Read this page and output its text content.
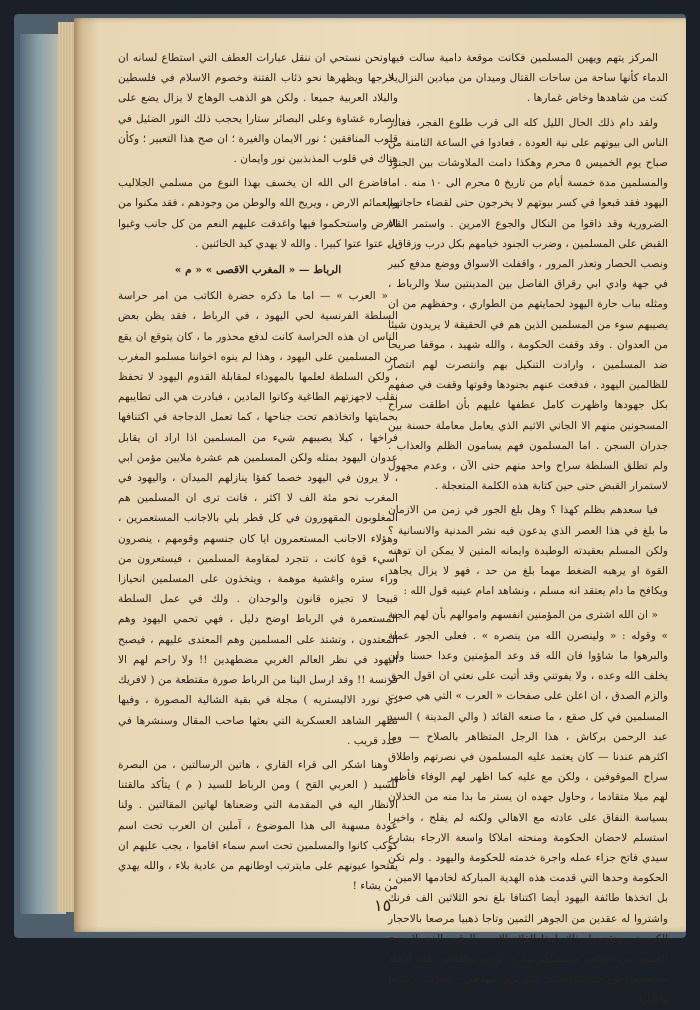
المركز يتهم ويهين المسلمين فكانت موقعة دامية سالت فيها الدماء كأنها ساحة من ساحات القتال وميدان من ميادين النزال لا كنت من شاهدها وخاض غمارها .

ولقد دام ذلك الحال الليل كله الى قرب طلوع الفجر، فغادر الناس الى بيوتهم على نية العودة ، فعادوا في الساعة الثامنة من صباح يوم الخميس ٥ محرم وهكذا دامت الملاوشات بين الجنود والمسلمين مدة خمسة أيام من تاريخ ٥ محرم الى ١٠ منه . اما اليهود فقد قبعوا في كسر بيوتهم لا يخرجون حتى لقضاء حاجاتهم الضرورية وقد ذاقوا من النكال والجوع الامرين . واستمر القاء القبض على المسلمين ، وضرب الجنود خيامهم بكل درب وزقاق ، ونصب الحصار وتعذر المرور ، واقفلت الاسواق ووضع مدفع كبير في جهة وادي ابي رقراق الفاصل بين المدينتين سلا والرباط ، ومثله بباب حارة اليهود لحمايتهم من الطواري ، وحفظهم من ان يصيبهم سوء من المسلمين الذين هم في الحقيقة لا يريدون شيئا من العدوان . وقد وقفت الحكومة ، والله شهيد ، موقفا صريحا ضد المسلمين ، وارادت التنكيل بهم وانتصرت لهم انتصار للظالمين اليهود ، فدفعت عنهم بجنودها وقوتها وقفت في صفهم بكل جهودها واظهرت كامل عطفها عليهم بأن اطلقت سراح المسجونين منهم الا الجاني الاثيم الذي يعامل معاملة حسنة بين جدران السجن . اما المسلمون فهم يسامون الظلم والعذاب . ولم تطلق السلطة سراح واحد منهم حتى الآن ، وعدم مجهول لاستمرار القبض حتى حين كتابة هذه الكلمة المتعجلة .

فيا سعدهم بظلم كهذا ؟ وهل بلغ الجور في زمن من الازمان ما بلغ في هذا العصر الذي يدعون فيه نشر المدنية والانسانية ؟ ولكن المسلم بعقيدته الوطيدة وايمانه المتين لا يمكن ان توهنه القوة او يرهبه الضغط مهما بلغ من حد ، فهو لا يزال يجاهد ويكافح ما دام يعتقد انه مسلم ، ونشاهد امام عينيه قول الله :

« ان الله اشترى من المؤمنين انفسهم واموالهم بأن لهم الجنة » وقوله : « ولينصرن الله من ينصره » . فعلى الجور عملة والبرهوا ما شاؤوا فان الله قد وعد المؤمنين وعدا حسنا ولن يخلف الله وعده ، ولا يفوتني وقد أتيت على نعتي ان اقول الحق والزم الصدق ، ان اعلن على صفحات « العرب » التي هي صوت المسلمين في كل صقع ، ما صنعه القائد ( والي المدينة ) السيد عبد الرحمن بركاش ، هذا الرجل المتظاهر بالصلاح — وما اكثرهم عندنا — كان يعتمد عليه المسلمون في نصرتهم واطلاق سراح الموقوفين ، ولكن مع عليه كما اظهر لهم الوفاء فأظهر لهم ميلا متقادما ، وحاول جهده ان يستر ما بدا منه من الخذلان بسياسة النفاق على عادته مع الاهالي ولكنه لم يفلح ، واخيرا استسلم لاحضان الحكومة ومنحته املاكا واسعة الارجاء بشارع سيدي فاتح جزاء عمله واجرة خدمته للحكومة واليهود . ولم تكن الحكومة وحدها التي قدمت هذه الهدية المباركة لخادمها الامين ، بل اتخذها طائفة اليهود أيضا اكتنافا بلغ نحو الثلاثين الف فرنك واشتروا له عقدين من الجوهر الثمين وتاجا ذهبيا مرصعا بالاحجار الكريمة ، ونقدموا بذلك لهذا القائد الاديب الوقور الذي لا يبرح السبحة من اصابعه مستقبلهم بداره الرحبة والقائمة مثلة لحفلة شائقة من نوع حفلات الشاي التي ترى عنها في « العرب » طرفا واخبارا .

ونحن نستحي ان ننقل عبارات العطف التي استطاع لسانه ان يخرجها ويظهرها نحو ذئاب الفتنة وخصوم الاسلام في فلسطين والبلاد العربية جميعا . ولكن هو الذهب الوهاج لا يزال يضع على ابصاره غشاوة وعلى البصائر ستارا يحجب ذلك النور الضئيل في قلوب المنافقين ؛ نور الايمان والغيرة ؛ ان صح هذا التعبير ؛ وكأن هناك في قلوب المذبذبين نور وايمان .

فاضرع الى الله ان يخسف بهذا النوع من مسلمي الجلاليب والعمائم الارض ، ويريح الله والوطن من وجودهم ، فقد مكنوا من الارض واستحكموا فيها واغدقت عليهم النعم من كل جانب وغبوا بل عتوا عتوا كبيرا . والله لا يهدي كيد الخائنين .

الرباط — « المغرب الاقصى » « م »

« العرب » — اما ما ذكره حضرة الكاتب من امر حراسة السلطة الفرنسية لحي اليهود ، في الرباط ، فقد يظن بعض الناس ان هذه الحراسة كانت لدفع محذور ما ، كان يتوقع ان يقع من المسلمين على اليهود ، وهذا لم ينوه اخواننا مسلمو المغرب ، ولكن السلطة لعلمها بالمهوداء لمقابلة القدوم اليهود لا تحفظ نقلب لاجهزتهم الطاغية وكانوا المادين ، فبادرت هي الى تطايبهم بحمايتها واتخاذهم تحت جناحها ، كما تعمل الدجاجة في اكتنافها فراخها ، كيلا يصيبهم شيء من المسلمين اذا اراد ان يقابل عدوان اليهود بمثله ولكن المسلمين هم عشرة ملايين مؤمن ابي ، لا يرون في اليهود خصما كفؤا ينازلهم الميدان ، واليهود في المغرب نحو مئة الف لا اكثر ، فانت ترى ان المسلمين هم المغلوبون المقهورون في كل قطر بلي بالاجانب المستعمرين ، وهؤلاء الاجانب المستعمرون ايا كان جنسهم وقومهم ، ينصرون اسيء قوة كانت ، تتجرد لمقاومة المسلمين ، فيستعرون من وراء ستره واغشية موهمة ، ويتخذون على المسلمين انحيازا قبيحا لا تجيزه قانون والوجدان . ولك في عمل السلطة المستعمرة في الرباط اوضح دليل ، فهي تحمي اليهود وهم المعتدون ، وتشتد على المسلمين وهم المعتدى عليهم ، فيصبح اليهود في نظر العالم الغربي مضطهدين !! ولا راحم لهم الا فرنسة !! وقد ارسل الينا من الرباط صورة مقتطعة من ( لافريك دي نورد الاليستريه ) مجلة في بقية الشالية المصورة ، وفيها تظهر الشاهد العسكرية التي بعثها صاحب المقال وسنشرها في عدد قريب .

وهنا اشكر الى قراء القاري ، هاتين الرسالتين ، من البصرة للسيد ( العربي القح ) ومن الرباط للسيد ( م ) يتأكد مالقتنا الانظار اليه في المقدمة التي وضعناها لهاتين المقالتين . ولنا عودة مسهبة الى هذا الموضوع ، آملين ان العرب تحت اسم كوكب كانوا والمسلمين تحت اسم سماء اقاموا ، يجب عليهم ان يفتحوا عيونهم على مايترتب اوطانهم من عادية بلاء ، والله يهدي من يشاء !

١٥
